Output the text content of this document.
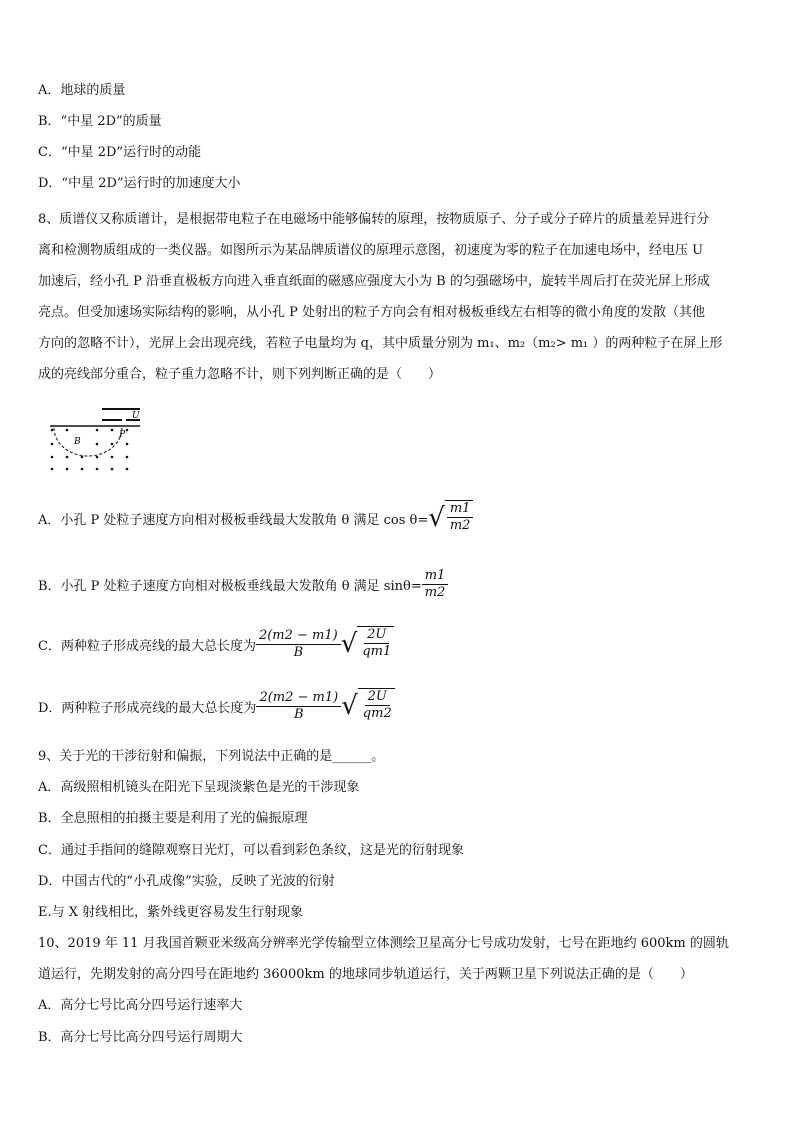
A．地球的质量
B．“中星 2D”的质量
C．“中星 2D”运行时的动能
D．“中星 2D”运行时的加速度大小
8、质谱仪又称质谱计，是根据带电粒子在电磁场中能够偏转的原理，按物质原子、分子或分子碎片的质量差异进行分
离和检测物质组成的一类仪器。如图所示为某品牌质谱仪的原理示意图，初速度为零的粒子在加速电场中，经电压 U
加速后，经小孔 P 沿垂直极板方向进入垂直纸面的磁感应强度大小为 B 的匀强磁场中，旋转半周后打在荧光屏上形成
亮点。但受加速场实际结构的影响，从小孔 P 处射出的粒子方向会有相对极板垂线左右相等的微小角度的发散（其他
方向的忽略不计），光屏上会出现亮线，若粒子电量均为 q，其中质量分别为 m₁、m₂（m₂> m₁ ）的两种粒子在屏上形
成的亮线部分重合，粒子重力忽略不计，则下列判断正确的是（　　）
U
P
B
A．小孔 P 处粒子速度方向相对极板垂线最大发散角 θ 满足 cos θ= √ $\frac{m1}{m2}$
B．小孔 P 处粒子速度方向相对极板垂线最大发散角 θ 满足 $\sin\theta= \frac{m1}{m2}$
C．两种粒子形成亮线的最大总长度为 $\frac{2(m2 - m1)}{B}$ √ $\frac{2U}{qm1}$
D．两种粒子形成亮线的最大总长度为 $\frac{2(m2 - m1)}{B}$ √ $\frac{2U}{qm2}$
9、关于光的干涉衍射和偏振，下列说法中正确的是______。
A．高级照相机镜头在阳光下呈现淡紫色是光的干涉现象
B．全息照相的拍摄主要是利用了光的偏振原理
C．通过手指间的缝隙观察日光灯，可以看到彩色条纹，这是光的衍射现象
D．中国古代的“小孔成像”实验，反映了光波的衍射
E.与 X 射线相比，紫外线更容易发生行射现象
10、2019 年 11 月我国首颗亚米级高分辨率光学传输型立体测绘卫星高分七号成功发射，七号在距地约 600km 的圆轨
道运行，先期发射的高分四号在距地约 36000km 的地球同步轨道运行，关于两颗卫星下列说法正确的是（　　）
A．高分七号比高分四号运行速率大
B．高分七号比高分四号运行周期大
